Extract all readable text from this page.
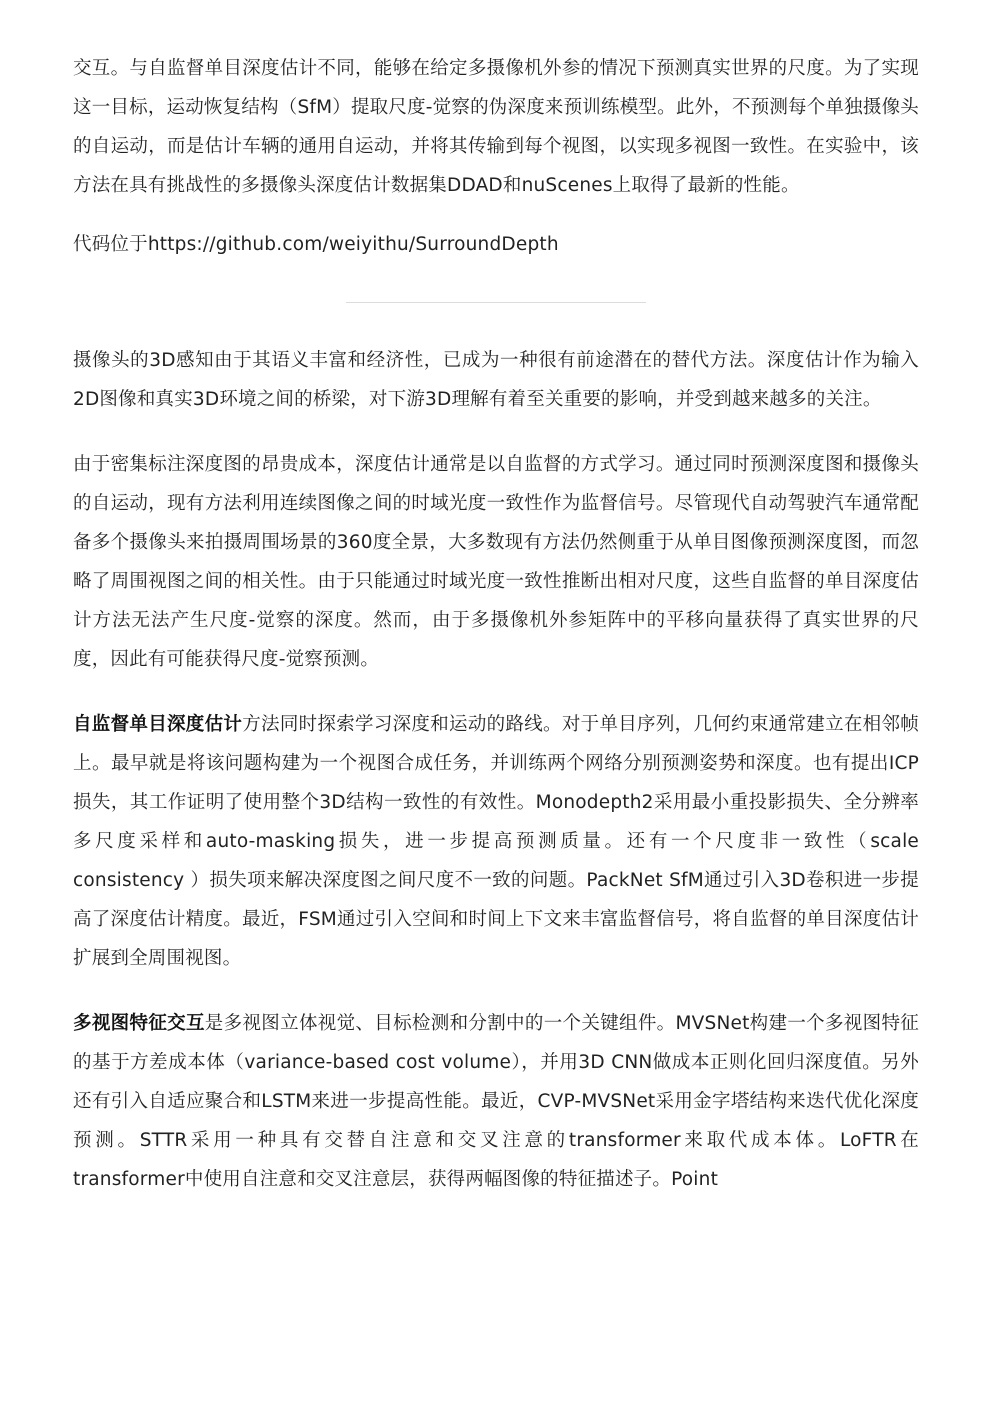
交互。与自监督单目深度估计不同，能够在给定多摄像机外参的情况下预测真实世界的尺度。为了实现这一目标，运动恢复结构（SfM）提取尺度-觉察的伪深度来预训练模型。此外，不预测每个单独摄像头的自运动，而是估计车辆的通用自运动，并将其传输到每个视图，以实现多视图一致性。在实验中，该方法在具有挑战性的多摄像头深度估计数据集DDAD和nuScenes上取得了最新的性能。

代码位于https://github.com/weiyithu/SurroundDepth

摄像头的3D感知由于其语义丰富和经济性，已成为一种很有前途潜在的替代方法。深度估计作为输入2D图像和真实3D环境之间的桥梁，对下游3D理解有着至关重要的影响，并受到越来越多的关注。

由于密集标注深度图的昂贵成本，深度估计通常是以自监督的方式学习。通过同时预测深度图和摄像头的自运动，现有方法利用连续图像之间的时域光度一致性作为监督信号。尽管现代自动驾驶汽车通常配备多个摄像头来拍摄周围场景的360度全景，大多数现有方法仍然侧重于从单目图像预测深度图，而忽略了周围视图之间的相关性。由于只能通过时域光度一致性推断出相对尺度，这些自监督的单目深度估计方法无法产生尺度-觉察的深度。然而，由于多摄像机外参矩阵中的平移向量获得了真实世界的尺度，因此有可能获得尺度-觉察预测。

自监督单目深度估计方法同时探索学习深度和运动的路线。对于单目序列，几何约束通常建立在相邻帧上。最早就是将该问题构建为一个视图合成任务，并训练两个网络分别预测姿势和深度。也有提出ICP损失，其工作证明了使用整个3D结构一致性的有效性。Monodepth2采用最小重投影损失、全分辨率多尺度采样和auto-masking损失，进一步提高预测质量。还有一个尺度非一致性（scale consistency ）损失项来解决深度图之间尺度不一致的问题。PackNet SfM通过引入3D卷积进一步提高了深度估计精度。最近，FSM通过引入空间和时间上下文来丰富监督信号，将自监督的单目深度估计扩展到全周围视图。

多视图特征交互是多视图立体视觉、目标检测和分割中的一个关键组件。MVSNet构建一个多视图特征的基于方差成本体（variance-based cost volume），并用3D CNN做成本正则化回归深度值。另外还有引入自适应聚合和LSTM来进一步提高性能。最近，CVP-MVSNet采用金字塔结构来迭代优化深度预测。STTR采用一种具有交替自注意和交叉注意的transformer来取代成本体。LoFTR在transformer中使用自注意和交叉注意层，获得两幅图像的特征描述子。Point
